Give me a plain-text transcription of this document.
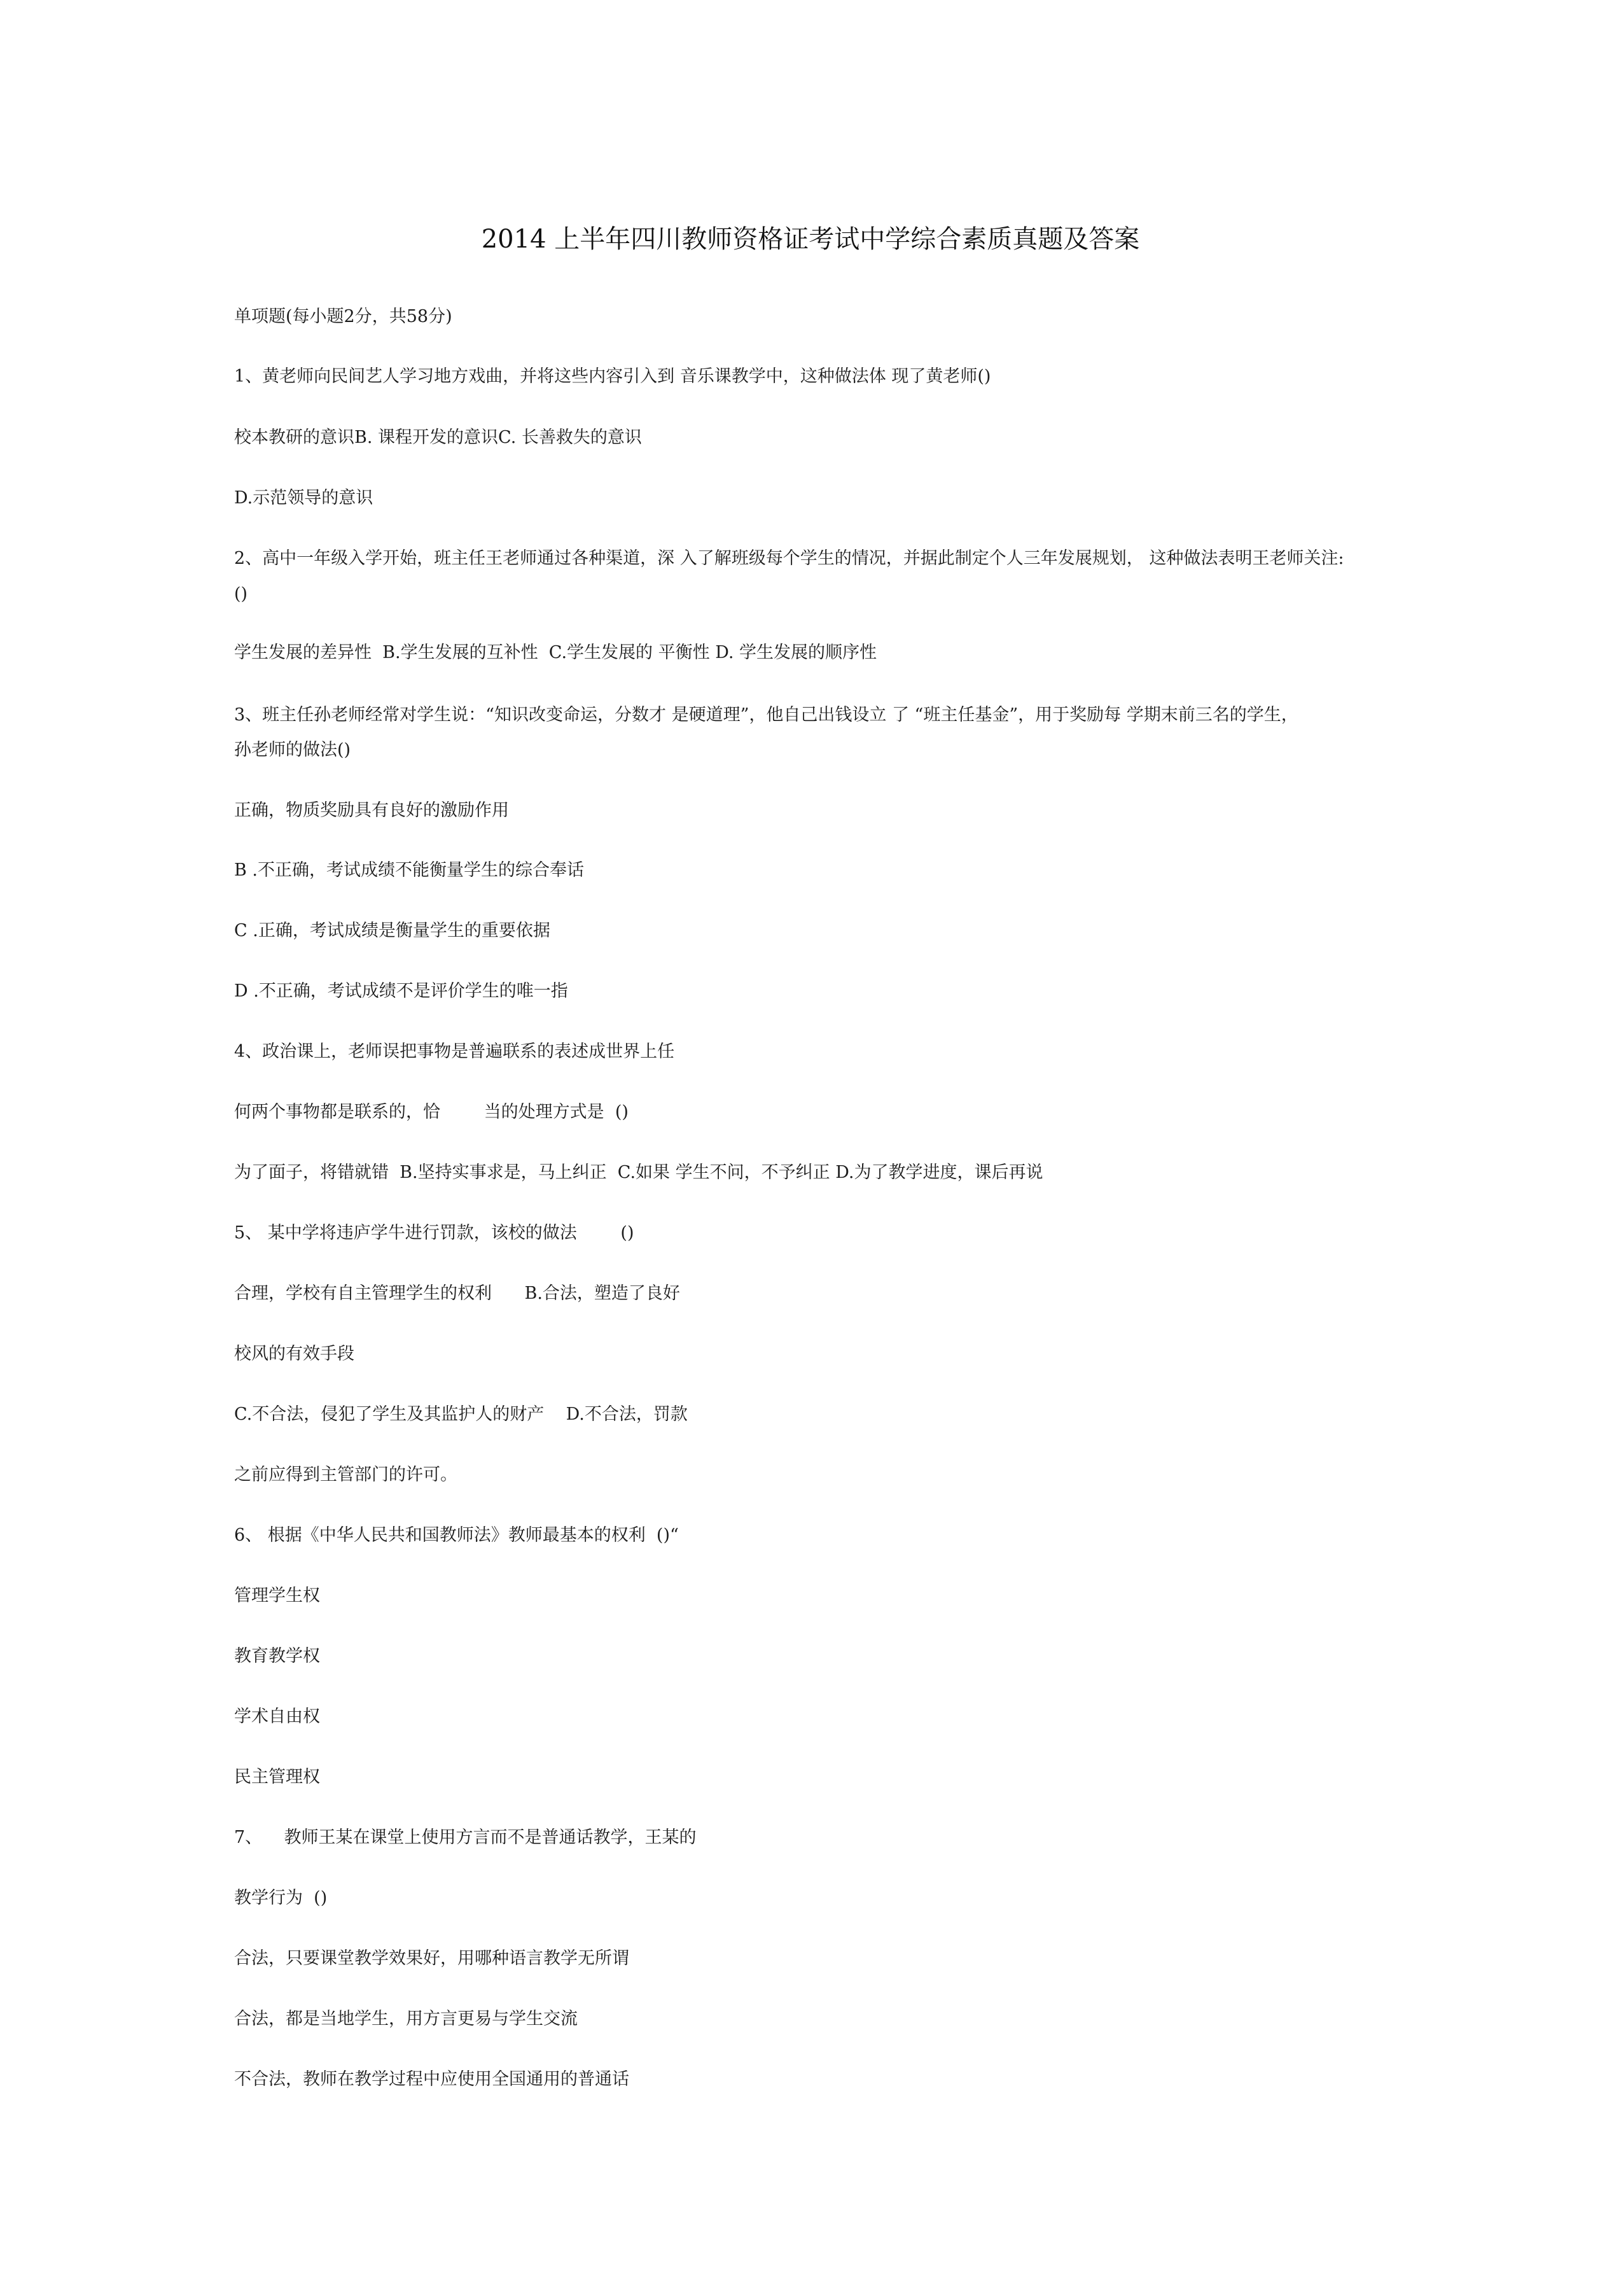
2014 上半年四川教师资格证考试中学综合素质真题及答案
单项题(每小题2分，共58分)
1、黄老师向民间艺人学习地方戏曲，并将这些内容引入到 音乐课教学中，这种做法体 现了黄老师()
校本教研的意识B. 课程开发的意识C. 长善救失的意识
D.示范领导的意识
2、高中一年级入学开始，班主任王老师通过各种渠道，深 入了解班级每个学生的情况，并据此制定个人三年发展规划， 这种做法表明王老师关注:
()
学生发展的差异性  B.学生发展的互补性  C.学生发展的 平衡性 D. 学生发展的顺序性
3、班主任孙老师经常对学生说：“知识改变命运，分数才 是硬道理”，他自己出钱设立 了 “班主任基金”，用于奖励每 学期末前三名的学生，
孙老师的做法()
正确，物质奖励具有良好的激励作用
B .不正确，考试成绩不能衡量学生的综合奉话
C .正确，考试成绩是衡量学生的重要依据
D .不正确，考试成绩不是评价学生的唯一指
4、政治课上，老师误把事物是普遍联系的表述成世界上任
何两个事物都是联系的，恰        当的处理方式是  ()
为了面子，将错就错  B.坚持实事求是，马上纠正  C.如果 学生不问，不予纠正 D.为了教学进度，课后再说
5、 某中学将违庐学牛进行罚款，该校的做法        ()
合理，学校有自主管理学生的权利      B.合法，塑造了良好
校风的有效手段
C.不合法，侵犯了学生及其监护人的财产    D.不合法，罚款
之前应得到主管部门的许可。
6、 根据《中华人民共和国教师法》教师最基本的权利  ()“
管理学生权
教育教学权
学术自由权
民主管理权
7、    教师王某在课堂上使用方言而不是普通话教学，王某的
教学行为  ()
合法，只要课堂教学效果好，用哪种语言教学无所谓
合法，都是当地学生，用方言更易与学生交流
不合法，教师在教学过程中应使用全国通用的普通话
